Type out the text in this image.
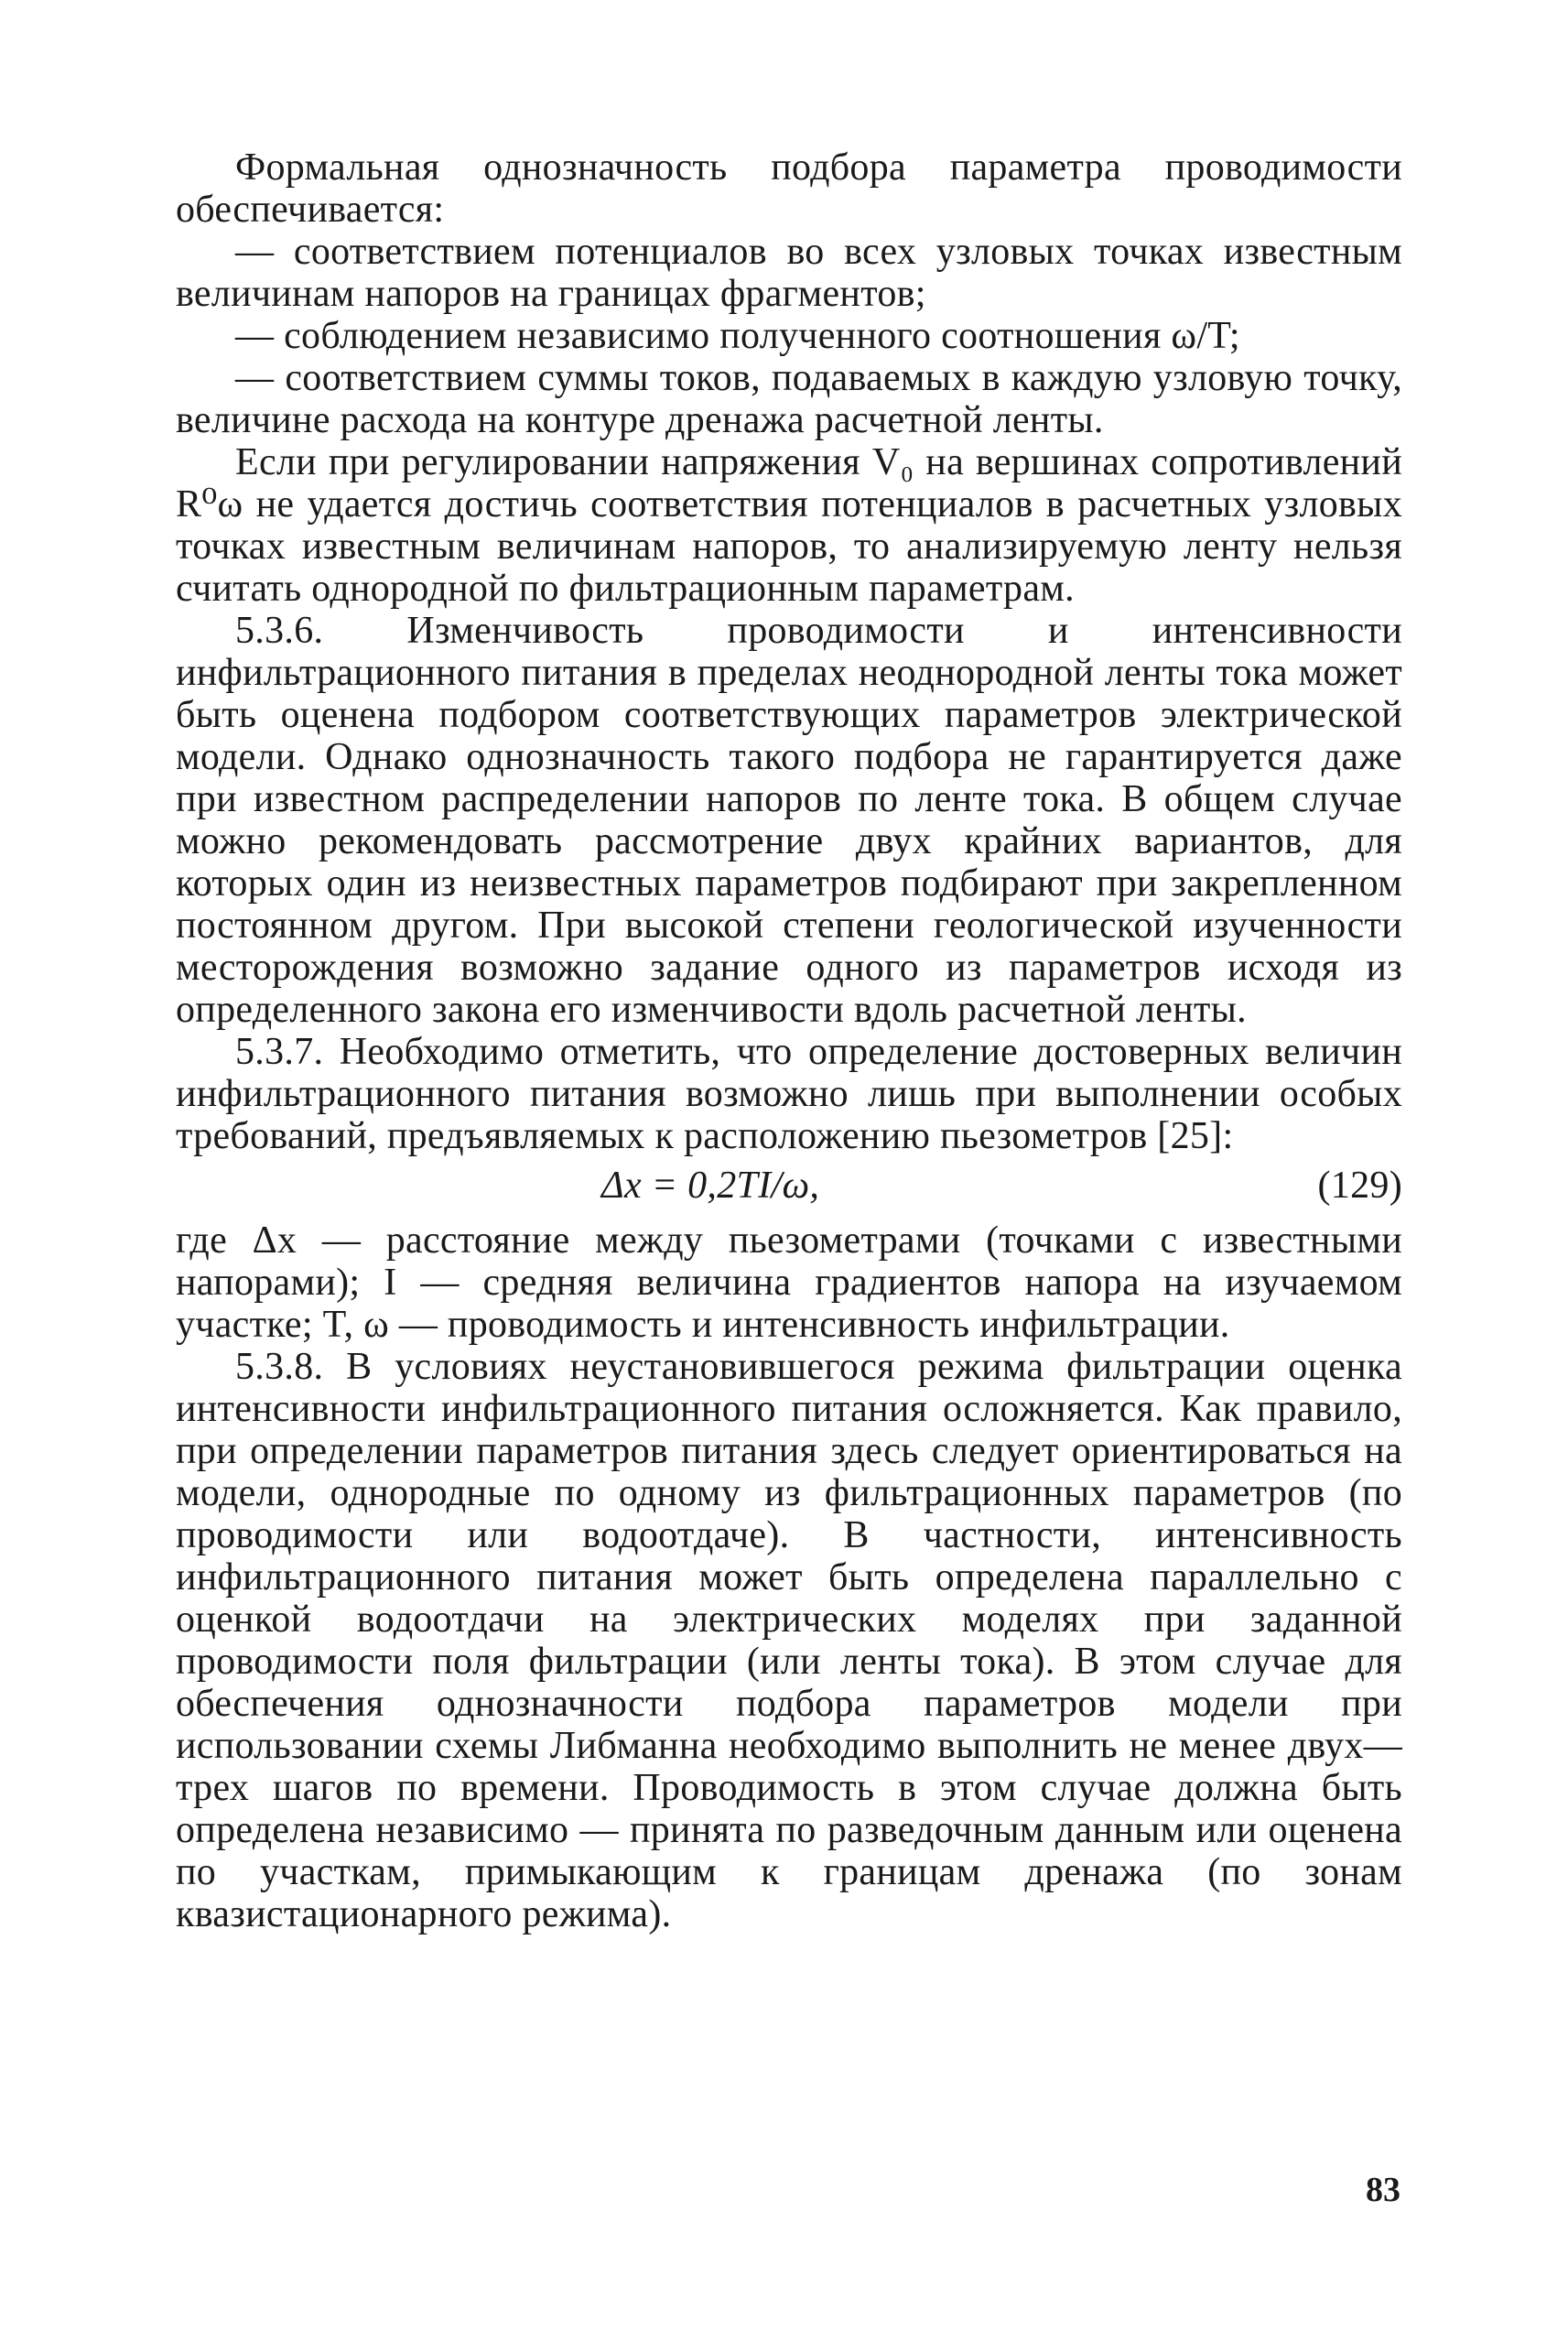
Формальная однозначность подбора параметра проводимости обеспечивается:

— соответствием потенциалов во всех узловых точках известным величинам напоров на границах фрагментов;

— соблюдением независимо полученного соотношения ω/T;

— соответствием суммы токов, подаваемых в каждую узловую точку, величине расхода на контуре дренажа расчетной ленты.

Если при регулировании напряжения V₀ на вершинах сопротивлений R⁰ω не удается достичь соответствия потенциалов в расчетных узловых точках известным величинам напоров, то анализируемую ленту нельзя считать однородной по фильтрационным параметрам.

5.3.6. Изменчивость проводимости и интенсивности инфильтрационного питания в пределах неоднородной ленты тока может быть оценена подбором соответствующих параметров электрической модели. Однако однозначность такого подбора не гарантируется даже при известном распределении напоров по ленте тока. В общем случае можно рекомендовать рассмотрение двух крайних вариантов, для которых один из неизвестных параметров подбирают при закрепленном постоянном другом. При высокой степени геологической изученности месторождения возможно задание одного из параметров исходя из определенного закона его изменчивости вдоль расчетной ленты.

5.3.7. Необходимо отметить, что определение достоверных величин инфильтрационного питания возможно лишь при выполнении особых требований, предъявляемых к расположению пьезометров [25]:

Δx = 0,2TI/ω,	(129)

где Δx — расстояние между пьезометрами (точками с известными напорами); I — средняя величина градиентов напора на изучаемом участке; T, ω — проводимость и интенсивность инфильтрации.

5.3.8. В условиях неустановившегося режима фильтрации оценка интенсивности инфильтрационного питания осложняется. Как правило, при определении параметров питания здесь следует ориентироваться на модели, однородные по одному из фильтрационных параметров (по проводимости или водоотдаче). В частности, интенсивность инфильтрационного питания может быть определена параллельно с оценкой водоотдачи на электрических моделях при заданной проводимости поля фильтрации (или ленты тока). В этом случае для обеспечения однозначности подбора параметров модели при использовании схемы Либманна необходимо выполнить не менее двух—трех шагов по времени. Проводимость в этом случае должна быть определена независимо — принята по разведочным данным или оценена по участкам, примыкающим к границам дренажа (по зонам квазистационарного режима).

83
